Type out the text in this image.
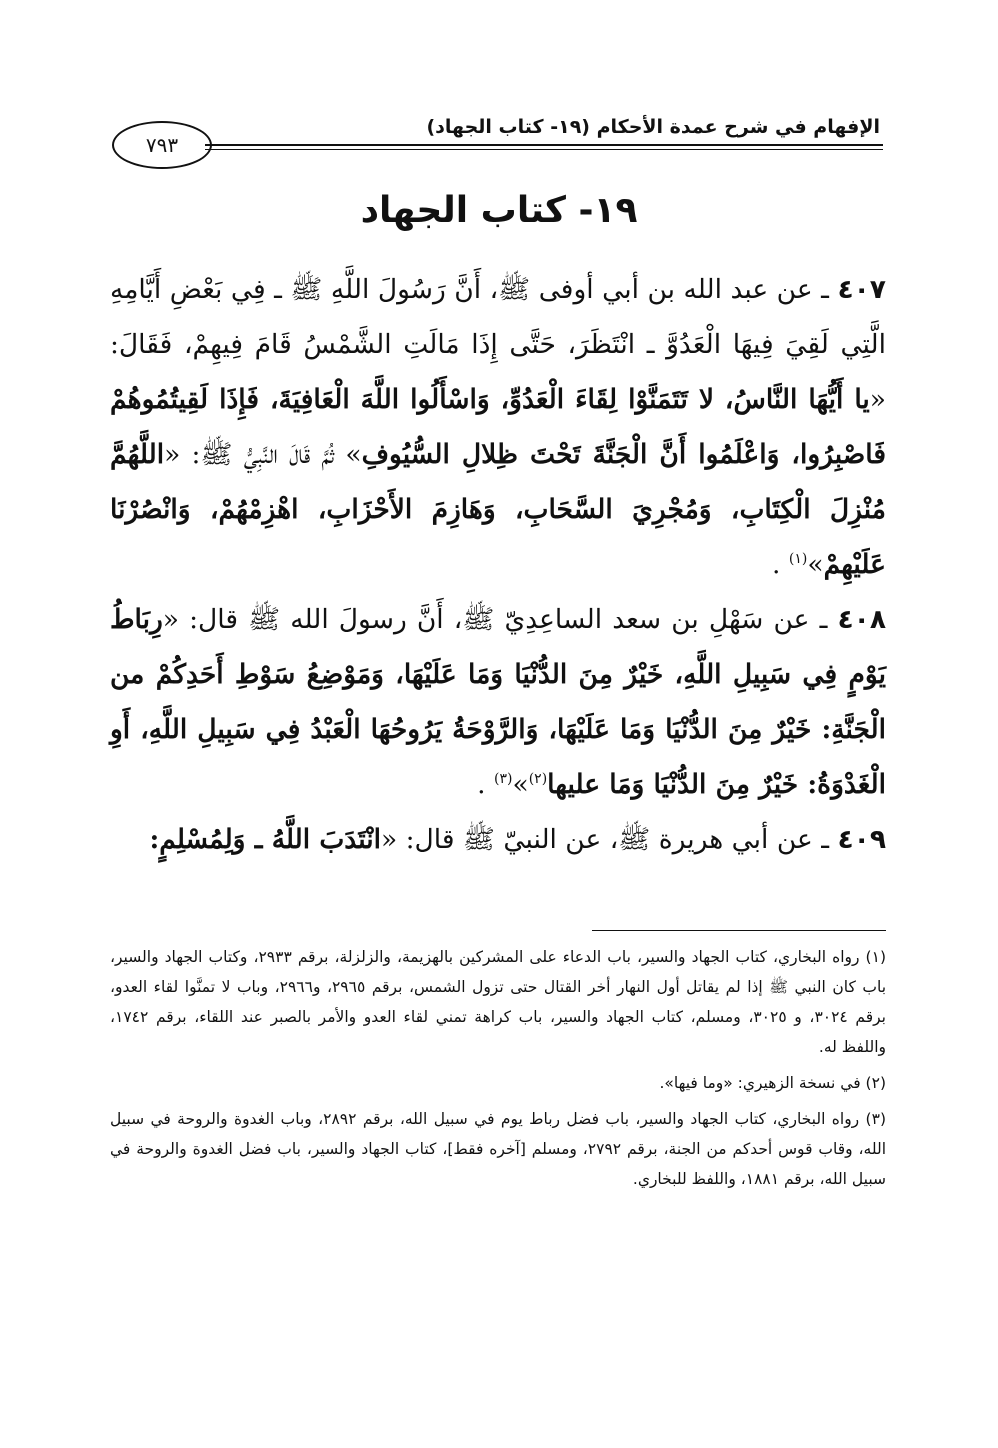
الإفهام في شرح عمدة الأحكام (١٩- كتاب الجهاد)
٧٩٣
١٩- كتاب الجهاد

٤٠٧ ـ عن عبد الله بن أبي أوفى ﷺ، أَنَّ رَسُولَ اللَّهِ ﷺ ـ فِي بَعْضِ أَيَّامِهِ الَّتِي لَقِيَ فِيهَا الْعَدُوَّ ـ انْتَظَرَ، حَتَّى إِذَا مَالَتِ الشَّمْسُ قَامَ فِيهِمْ، فَقَالَ: «يا أَيُّهَا النَّاسُ، لا تَتَمَنَّوْا لِقَاءَ الْعَدُوِّ، وَاسْأَلُوا اللَّهَ الْعَافِيَةَ، فَإِذَا لَقِيتُمُوهُمْ فَاصْبِرُوا، وَاعْلَمُوا أَنَّ الْجَنَّةَ تَحْتَ ظِلالِ السُّيُوفِ» ثُمَّ قَالَ النَّبِيُّ ﷺ: «اللَّهُمَّ مُنْزِلَ الْكِتَابِ، وَمُجْرِيَ السَّحَابِ، وَهَازِمَ الأَحْزَابِ، اهْزِمْهُمْ، وَانْصُرْنَا عَلَيْهِمْ»$^{(١)}$ .

٤٠٨ ـ عن سَهْلِ بن سعد الساعِدِيّ ﷺ، أَنَّ رسولَ الله ﷺ قال: «رِبَاطُ يَوْمٍ فِي سَبِيلِ اللَّهِ، خَيْرٌ مِنَ الدُّنْيَا وَمَا عَلَيْهَا، وَمَوْضِعُ سَوْطِ أَحَدِكُمْ من الْجَنَّةِ: خَيْرٌ مِنَ الدُّنْيَا وَمَا عَلَيْهَا، وَالرَّوْحَةُ يَرُوحُهَا الْعَبْدُ فِي سَبِيلِ اللَّهِ، أَوِ الْغَدْوَةُ: خَيْرٌ مِنَ الدُّنْيَا وَمَا عليها$^{(٢)}$»$^{(٣)}$ .

٤٠٩ ـ عن أبي هريرة ﷺ، عن النبيّ ﷺ قال: «انْتَدَبَ اللَّهُ ـ وَلِمُسْلِمٍ:

(١) رواه البخاري، كتاب الجهاد والسير، باب الدعاء على المشركين بالهزيمة، والزلزلة، برقم ٢٩٣٣، وكتاب الجهاد والسير، باب كان النبي ﷺ إذا لم يقاتل أول النهار أخر القتال حتى تزول الشمس، برقم ٢٩٦٥، و٢٩٦٦، وباب لا تمنَّوا لقاء العدو، برقم ٣٠٢٤، و ٣٠٢٥، ومسلم، كتاب الجهاد والسير، باب كراهة تمني لقاء العدو والأمر بالصبر عند اللقاء، برقم ١٧٤٢، واللفظ له.

(٢) في نسخة الزهيري: «وما فيها».

(٣) رواه البخاري، كتاب الجهاد والسير، باب فضل رباط يوم في سبيل الله، برقم ٢٨٩٢، وباب الغدوة والروحة في سبيل الله، وقاب قوس أحدكم من الجنة، برقم ٢٧٩٢، ومسلم [آخره فقط]، كتاب الجهاد والسير، باب فضل الغدوة والروحة في سبيل الله، برقم ١٨٨١، واللفظ للبخاري.
